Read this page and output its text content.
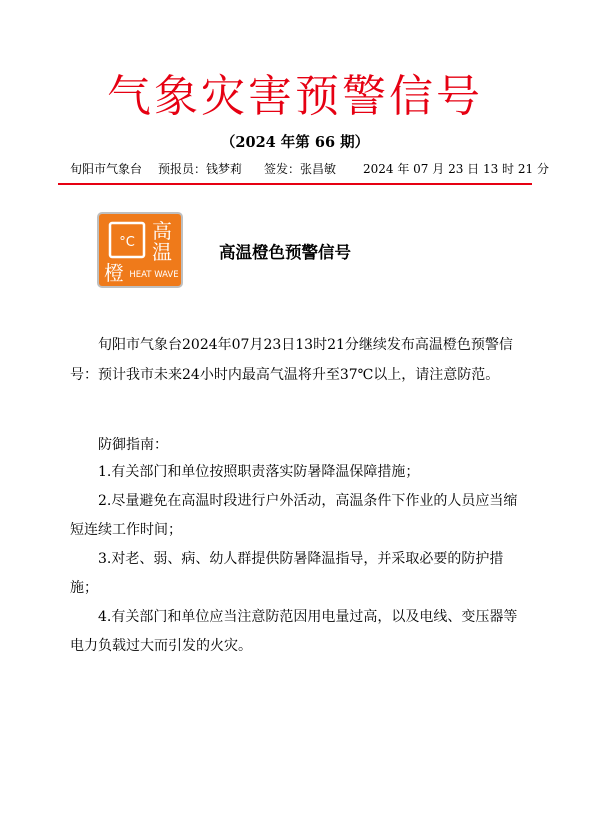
气象灾害预警信号
（2024 年第 66 期）
旬阳市气象台 预报员：钱梦莉 签发：张昌敏 2024 年 07 月 23 日 13 时 21 分
°C 高
温
橙 HEAT WAVE
高温橙色预警信号
旬阳市气象台2024年07月23日13时21分继续发布高温橙色预警信号：预计我市未来24小时内最高气温将升至37℃以上，请注意防范。
防御指南：
1.有关部门和单位按照职责落实防暑降温保障措施；
2.尽量避免在高温时段进行户外活动，高温条件下作业的人员应当缩短连续工作时间；
3.对老、弱、病、幼人群提供防暑降温指导，并采取必要的防护措施；
4.有关部门和单位应当注意防范因用电量过高，以及电线、变压器等电力负载过大而引发的火灾。
